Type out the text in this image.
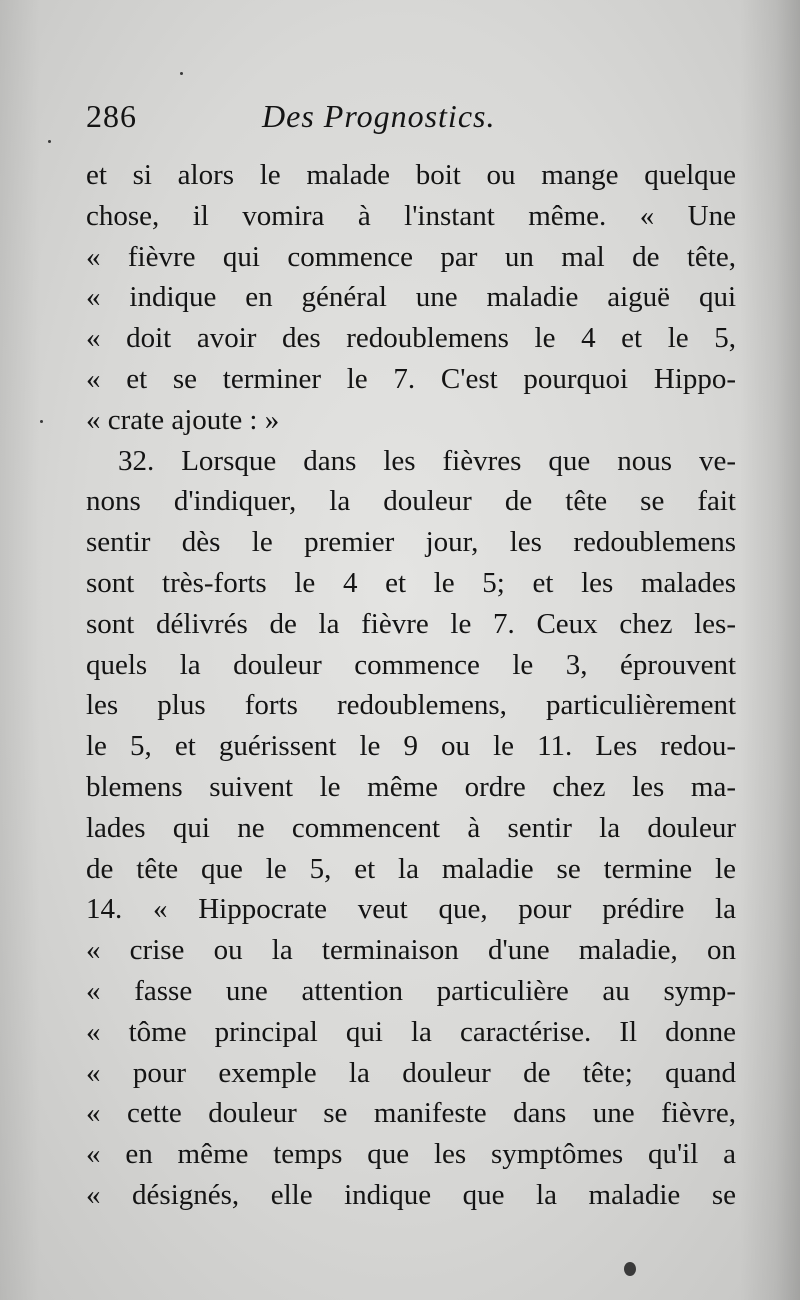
286	Des Prognostics.
et si alors le malade boit ou mange quelque
chose, il vomira à l'instant même. « Une
« fièvre qui commence par un mal de tête,
« indique en général une maladie aiguë qui
« doit avoir des redoublemens le 4 et le 5,
« et se terminer le 7. C'est pourquoi Hippo-
« crate ajoute : »
32. Lorsque dans les fièvres que nous ve-
nons d'indiquer, la douleur de tête se fait
sentir dès le premier jour, les redoublemens
sont très-forts le 4 et le 5; et les malades
sont délivrés de la fièvre le 7. Ceux chez les-
quels la douleur commence le 3, éprouvent
les plus forts redoublemens, particulièrement
le 5, et guérissent le 9 ou le 11. Les redou-
blemens suivent le même ordre chez les ma-
lades qui ne commencent à sentir la douleur
de tête que le 5, et la maladie se termine le
14. « Hippocrate veut que, pour prédire la
« crise ou la terminaison d'une maladie, on
« fasse une attention particulière au symp-
« tôme principal qui la caractérise. Il donne
« pour exemple la douleur de tête; quand
« cette douleur se manifeste dans une fièvre,
« en même temps que les symptômes qu'il a
« désignés, elle indique que la maladie se
